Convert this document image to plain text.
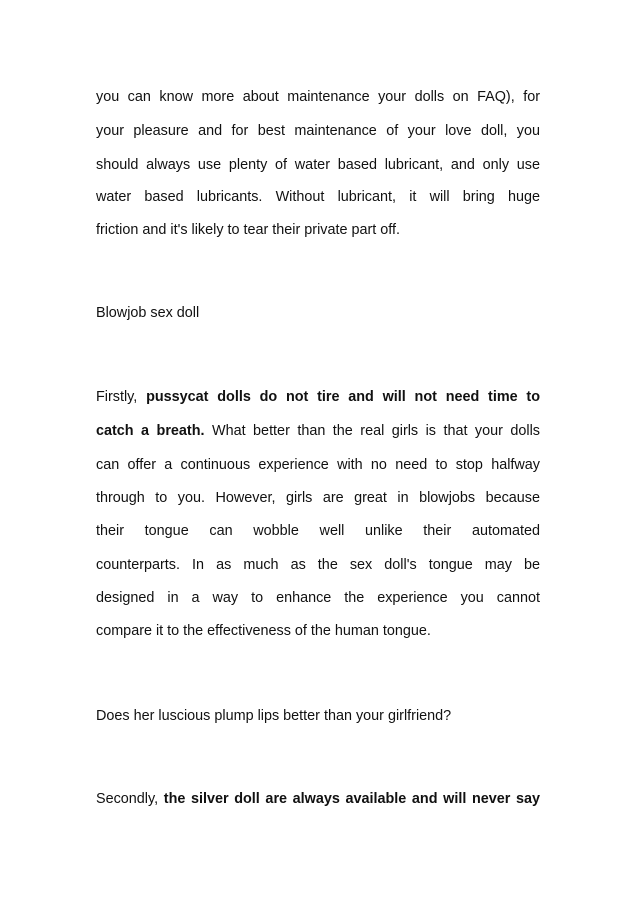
you can know more about maintenance your dolls on FAQ), for
your pleasure and for best maintenance of your love doll, you
should always use plenty of water based lubricant, and only use
water based lubricants. Without lubricant, it will bring huge
friction and it's likely to tear their private part off.
Blowjob sex doll
Firstly, pussycat dolls do not tire and will not need time to
catch a breath. What better than the real girls is that your dolls
can offer a continuous experience with no need to stop halfway
through to you. However, girls are great in blowjobs because
their tongue can wobble well unlike their automated
counterparts. In as much as the sex doll's tongue may be
designed in a way to enhance the experience you cannot
compare it to the effectiveness of the human tongue.
Does her luscious plump lips better than your girlfriend?
Secondly, the silver doll are always available and will never say
